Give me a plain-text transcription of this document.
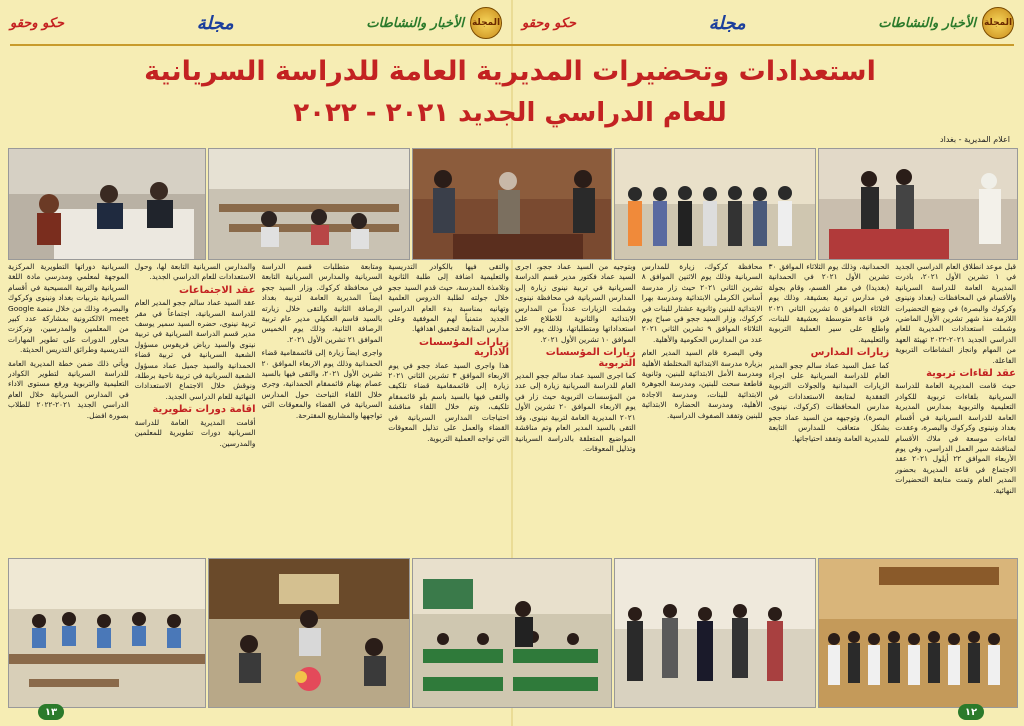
حكو وحقو	مجلة	الأخبار والنشاطات المجلة حكو وحقو	مجلة	الأخبار والنشاطات المجلة
استعدادات وتحضيرات المديرية العامة للدراسة السريانية
للعام الدراسي الجديد ٢٠٢١ - ٢٠٢٢
اعلام المديرية - بغداد

قبل موعد انطلاق العام الدراسي الجديد في ١ تشرين الأول ٢٠٢١، بادرت المديرية العامة للدراسة السريانية والأقسام في المحافظات (بغداد ونينوى وكركوك والبصرة) في وضع التحضيرات اللازمة منذ شهر تشرين الأول الماضي، وشملت استعدادات المديرية للعام الدراسي الجديد ٢٠٢١-٢٠٢٢ تهيئة العهد من المهام وانجاز النشاطات التربوية الفاعلة.

عقد لقاءات تربوية

حيث قامت المديرية العامة للدراسة السريانية بلقاءات تربوية للكوادر التعليمية والتربوية بمدارس المديرية العامة للدراسة السريانية في أقسام بغداد ونينوى وكركوك والبصرة، وعقدت لقاءات موسعة في ملاك الأقسام لمناقشة سير العمل الدراسي، وفي يوم الأربعاء الموافق ٢٢ أيلول ٢٠٢١ عقد الاجتماع في قاعة المديرية بحضور المدير العام وتمت متابعة التحضيرات النهائية.

الحمدانية، وذلك يوم الثلاثاء الموافق ٣٠ تشرين الأول ٢٠٢١ في الحمدانية (بغديدا) في مقر القسم، وقام بجولة في مدارس تربية بعشيقة، وذلك يوم الثلاثاء الموافق ٥ تشرين الثاني ٢٠٢١ في قاعة متوسطة بعشيقة للبنات، واطلع على سير العملية التربوية والتعليمية.

زيارات المدارس

كما عمل السيد عماد سالم ججو المدير العام للدراسة السريانية على اجراء الزيارات الميدانية والجولات التربوية التفقدية لمتابعة الاستعدادات في مدارس المحافظات (كركوك، نينوى، البصرة)، وتوجيهه من السيد عماد ججو بشكل متعاقب للمدارس التابعة للمديرية العامة وتفقد احتياجاتها.

محافظة كركوك، زيارة للمدارس السريانية وذلك يوم الاثنين الموافق ٨ تشرين الثاني ٢٠٢١ حيث زار مدرسة أساس الكرملي الابتدائية ومدرسة بهرا الابتدائية للبنين وثانوية عشتار للبنات في كركوك، وزار السيد ججو في صباح يوم الثلاثاء الموافق ٩ تشرين الثاني ٢٠٢١ عدد من المدارس الحكومية والأهلية.

وفي البصرة قام السيد المدير العام بزيارة مدرسة الابتدائية المختلطة الأهلية ومدرسة الأمل الابتدائية للبنين، وثانوية قاطعة سحت للبنين، ومدرسة الجوهرة الابتدائية للبنات، ومدرسة الاجادة الأهلية، ومدرسة الحضارة الابتدائية للبنين وتفقد الصفوف الدراسية.

وبتوجيه من السيد عماد ججو، اجرى السيد عماد فكتور مدير قسم الدراسة السريانية في تربية نينوى زيارة إلى المدارس السريانية في محافظة نينوى، وشملت الزيارات عدداً من المدارس الابتدائية والثانوية للاطلاع على استعداداتها ومتطلباتها، وذلك يوم الاحد الموافق ١٠ تشرين الأول ٢٠٢١.

زيارات المؤسسات التربوية

كما اجرى السيد عماد سالم ججو المدير العام للدراسة السريانية زيارة إلى عدد من المؤسسات التربوية حيث زار في يوم الاربعاء الموافق ٢٠ تشرين الأول ٢٠٢١ المديرية العامة لتربية نينوى، وقد التقى بالسيد المدير العام وتم مناقشة المواضيع المتعلقة بالدراسة السريانية وتذليل المعوقات.

والتقى فيها بالكوادر التدريسية والتعليمية اضافة إلى طلبة الثانوية وتلامذة المدرسة، حيث قدم السيد ججو خلال جولته لطلبة الدروس العلمية وتهانيه بمناسبة بدء العام الدراسي الجديد متمنياً لهم الموفقية وعلى مدارس المتابعة لتحقيق اهدافها.

زيارات المؤسسات الادارية

هذا واجرى السيد عماد ججو في يوم الاربعاء الموافق ٣ تشرين الثاني ٢٠٢١ زيارة إلى قائممقامية قضاء تلكيف والتقى فيها بالسيد باسم بلو قائممقام تلكيف، وتم خلال اللقاء مناقشة احتياجات المدارس السريانية في القضاء والعمل على تذليل المعوقات التي تواجه العملية التربوية.

ومتابعة متطلبات قسم الدراسة السريانية والمدارس السريانية التابعة في محافظة كركوك. وزار السيد ججو ايضاً المديرية العامة لتربية بغداد الرصافة الثانية والتقى خلال زيارته بالسيد قاسم العكيلي مدير عام تربية الرصافة الثانية، وذلك يوم الخميس الموافق ٢١ تشرين الأول ٢٠٢١.

واجرى ايضاً زيارة إلى قائممقامية قضاء الحمدانية وذلك يوم الاربعاء الموافق ٢٠ تشرين الأول ٢٠٢١، والتقى فيها بالسيد عصام بهنام قائممقام الحمدانية، وجرى خلال اللقاء التباحث حول المدارس السريانية في القضاء والمعوقات التي تواجهها والمشاريع المقترحة.

والمدارس السريانية التابعة لها، وحول الاستعدادات للعام الدراسي الجديد.

عقد الاجتماعات

عقد السيد عماد سالم ججو المدير العام للدراسة السريانية، اجتماعاً في مقر تربية نينوى، حضره السيد سمير يوسف مدير قسم الدراسة السريانية في تربية نينوى والسيد رياض فريقوس مسؤول الشعبة السريانية في تربية قضاء الحمدانية والسيد جميل عماد مسؤول الشعبة السريانية في تربية ناحية برطلة، ونوقش خلال الاجتماع الاستعدادات النهائية للعام الدراسي الجديد.

اقامة دورات تطويرية

أقامت المديرية العامة للدراسة السريانية دورات تطويرية للمعلمين والمدرسين.

السريانية دوراتها التطويرية المركزية الموجهة لمعلمي ومدرسي مادة اللغة السريانية والتربية المسيحية في أقسام السريانية بتربيات بغداد ونينوى وكركوك والبصرة، وذلك من خلال منصة Google meet الالكترونية بمشاركة عدد كبير من المعلمين والمدرسين، وتركزت محاور الدورات على تطوير المهارات التدريسية وطرائق التدريس الحديثة.

ويأتي ذلك ضمن خطة المديرية العامة للدراسة السريانية لتطوير الكوادر التعليمية والتربوية ورفع مستوى الاداء في المدارس السريانية خلال العام الدراسي الجديد ٢٠٢١-٢٠٢٢ للطلاب بصورة افضل.

١٣	١٢
